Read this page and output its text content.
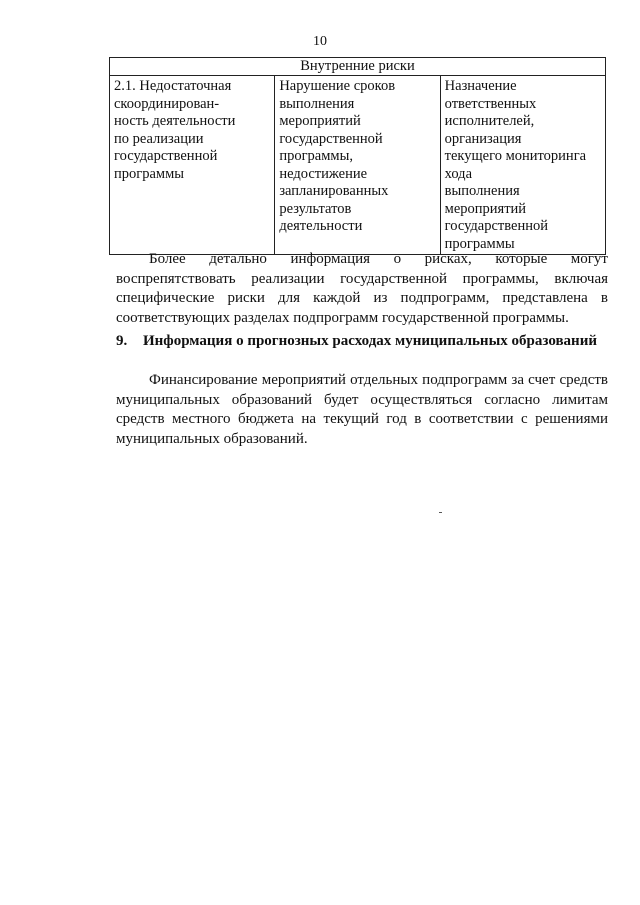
10
Внутренние риски

2.1. Недостаточная
скоординирован-
ность деятельности
по реализации
государственной
программы

Нарушение сроков
выполнения
мероприятий
государственной
программы,
недостижение
запланированных
результатов
деятельности

Назначение ответственных
исполнителей, организация
текущего мониторинга хода
выполнения мероприятий
государственной программы
Более детально информация о рисках, которые могут
воспрепятствовать реализации государственной программы, включая
специфические риски для каждой из подпрограмм, представлена в
соответствующих разделах подпрограмм государственной программы.
9. Информация о прогнозных расходах муниципальных образований
Финансирование мероприятий отдельных подпрограмм за счет средств
муниципальных образований будет осуществляться согласно лимитам
средств местного бюджета на текущий год в соответствии с решениями
муниципальных образований.
